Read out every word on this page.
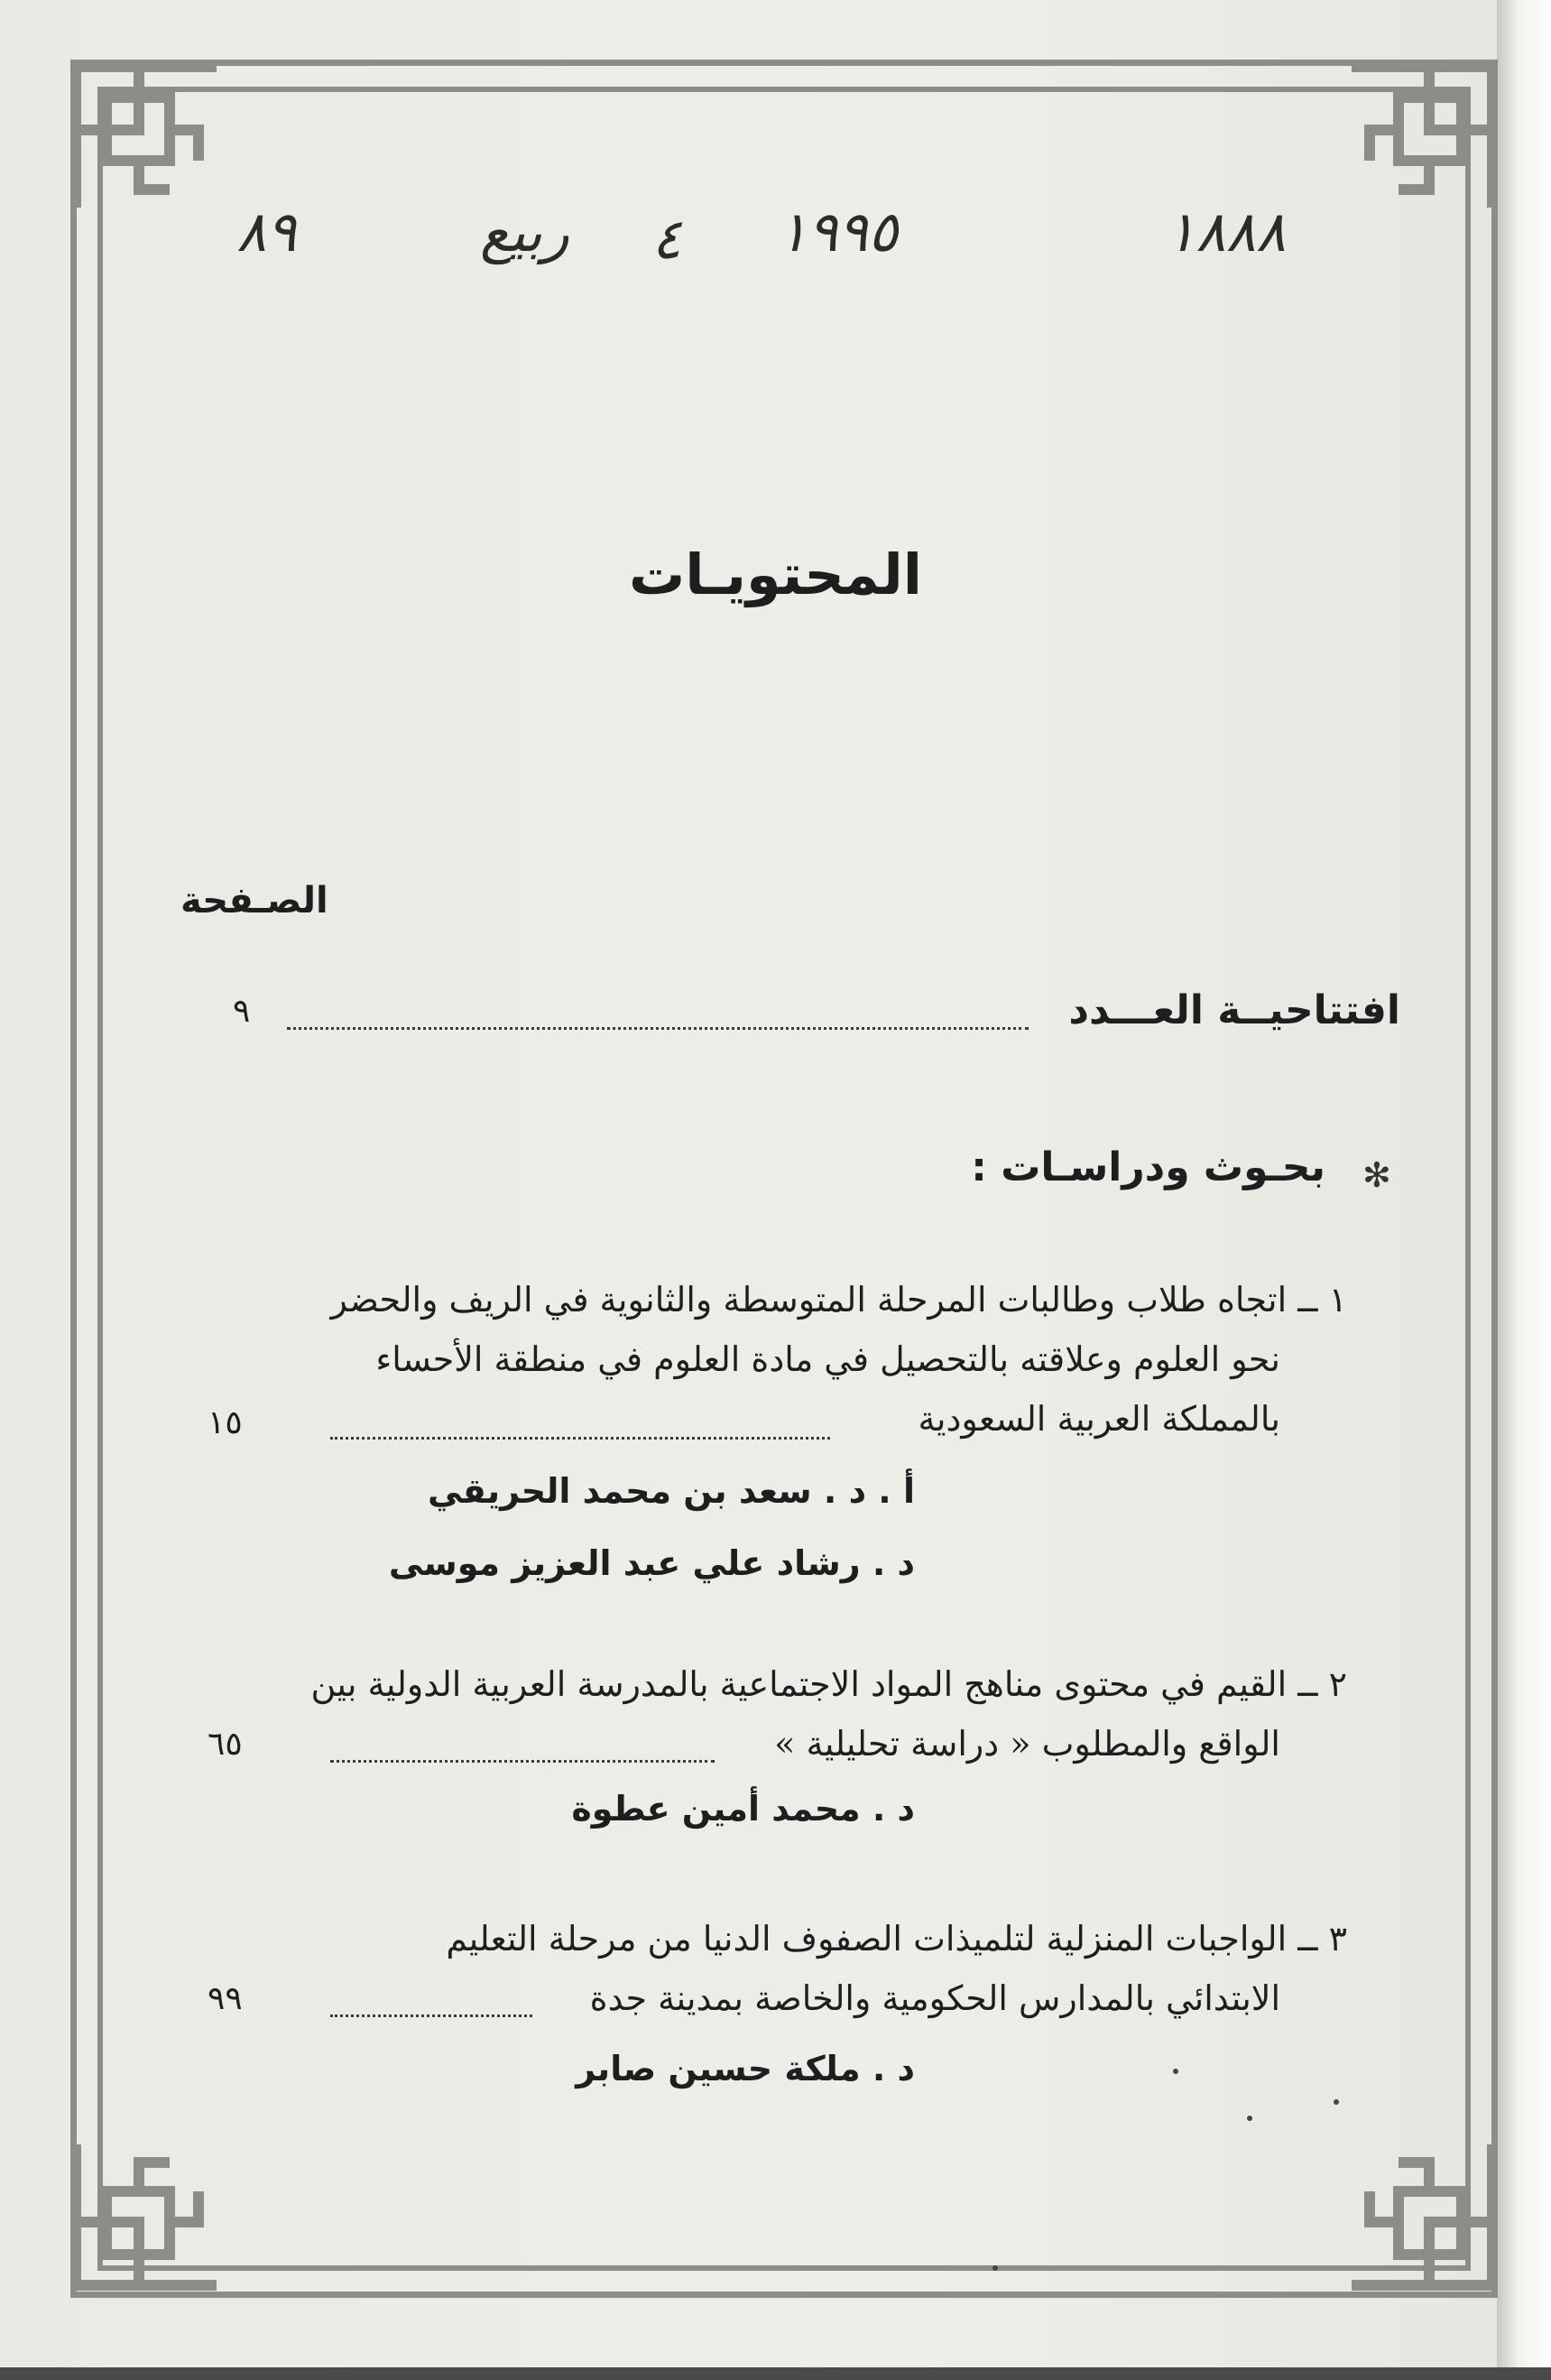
٨٩	ربيع ٤ ١٩٩٥	١٨٨٨
المحتويـات
الصـفحة
افتتاحيــة العـــدد
٩
✻
بحـوث ودراسـات :
١ ــ اتجاه طلاب وطالبات المرحلة المتوسطة والثانوية في الريف والحضر
نحو العلوم وعلاقته بالتحصيل في مادة العلوم في منطقة الأحساء
بالمملكة العربية السعودية
١٥
أ . د . سعد بن محمد الحريقي
د . رشاد علي عبد العزيز موسى
٢ ــ القيم في محتوى مناهج المواد الاجتماعية بالمدرسة العربية الدولية بين
الواقع والمطلوب « دراسة تحليلية »
٦٥
د . محمد أمين عطوة
٣ ــ الواجبات المنزلية لتلميذات الصفوف الدنيا من مرحلة التعليم
الابتدائي بالمدارس الحكومية والخاصة بمدينة جدة
٩٩
د . ملكة حسين صابر
